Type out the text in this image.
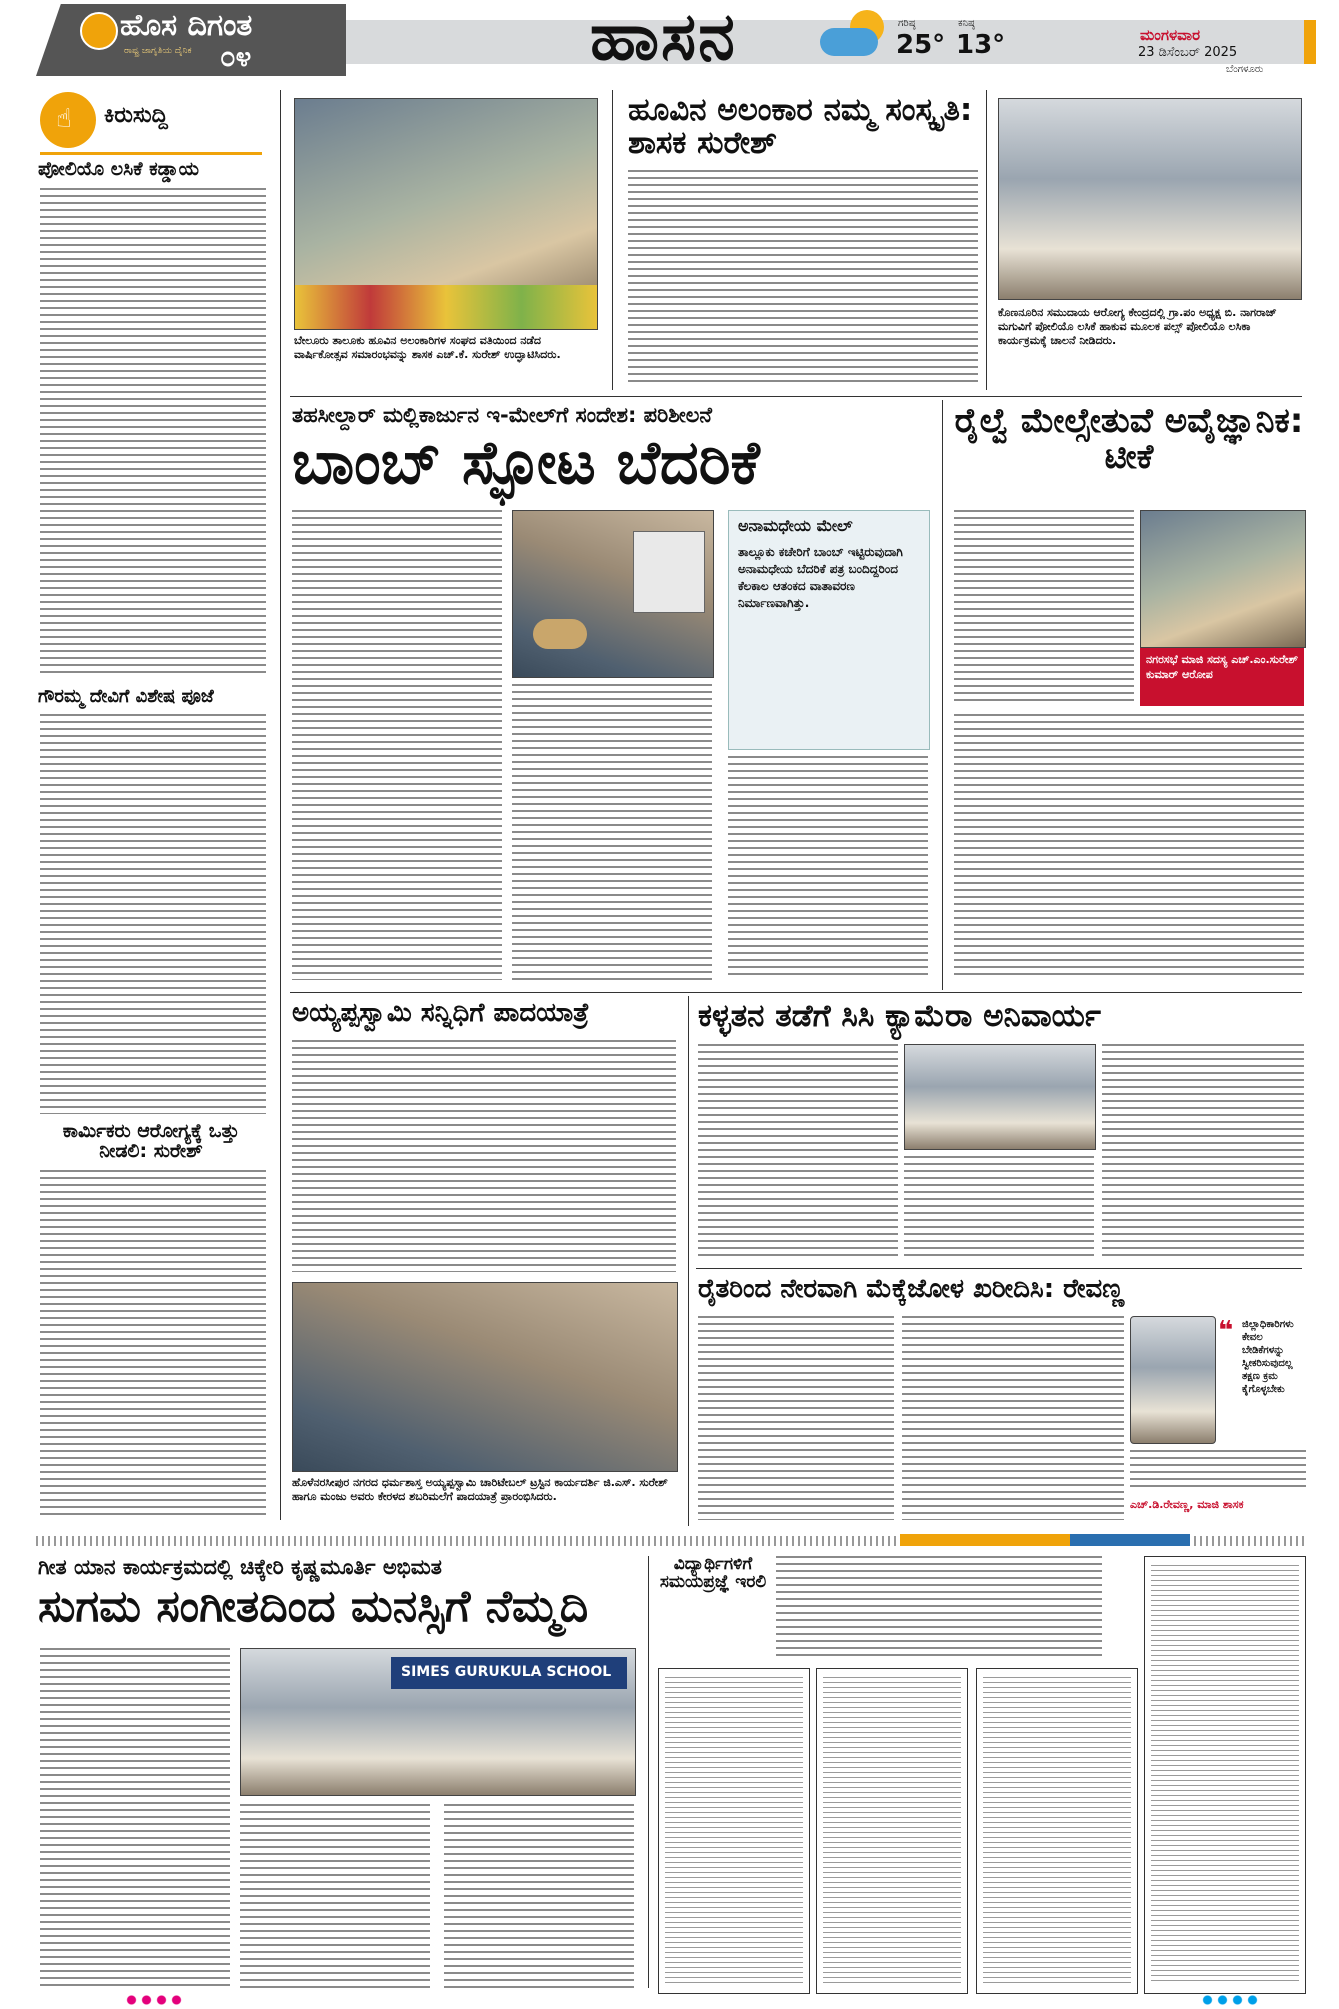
ಹೊಸ ದಿಗಂತ
ರಾಷ್ಟ್ರ ಜಾಗೃತಿಯ ದೈನಿಕ ೦೪	ಹಾಸನ	ಗರಿಷ್ಠ
25°
ಕನಿಷ್ಠ
13°	ಮಂಗಳವಾರ
23 ಡಿಸೆಂಬರ್ 2025
ಬೆಂಗಳೂರು
☝ ಕಿರುಸುದ್ದಿ
ಪೋಲಿಯೊ ಲಸಿಕೆ ಕಡ್ಡಾಯ
ಗೌರಮ್ಮ ದೇವಿಗೆ ವಿಶೇಷ ಪೂಜೆ
ಕಾರ್ಮಿಕರು ಆರೋಗ್ಯಕ್ಕೆ ಒತ್ತು ನೀಡಲಿ: ಸುರೇಶ್
ಬೇಲೂರು ತಾಲೂಕು ಹೂವಿನ ಅಲಂಕಾರಿಗಳ ಸಂಘದ ವತಿಯಿಂದ ನಡೆದ ವಾರ್ಷಿಕೋತ್ಸವ ಸಮಾರಂಭವನ್ನು ಶಾಸಕ ಎಚ್.ಕೆ. ಸುರೇಶ್ ಉದ್ಘಾಟಿಸಿದರು.
ಹೂವಿನ ಅಲಂಕಾರ ನಮ್ಮ ಸಂಸ್ಕೃತಿ: ಶಾಸಕ ಸುರೇಶ್
ಕೊಣನೂರಿನ ಸಮುದಾಯ ಆರೋಗ್ಯ ಕೇಂದ್ರದಲ್ಲಿ ಗ್ರಾ.ಪಂ ಅಧ್ಯಕ್ಷ ಬಿ. ನಾಗರಾಜ್ ಮಗುವಿಗೆ ಪೋಲಿಯೊ ಲಸಿಕೆ ಹಾಕುವ ಮೂಲಕ ಪಲ್ಸ್ ಪೋಲಿಯೊ ಲಸಿಕಾ ಕಾರ್ಯಕ್ರಮಕ್ಕೆ ಚಾಲನೆ ನೀಡಿದರು.
ತಹಸೀಲ್ದಾರ್ ಮಲ್ಲಿಕಾರ್ಜುನ ಇ-ಮೇಲ್‌ಗೆ ಸಂದೇಶ: ಪರಿಶೀಲನೆ
ಬಾಂಬ್ ಸ್ಫೋಟ ಬೆದರಿಕೆ
ಅನಾಮಧೇಯ ಮೇಲ್
ತಾಲ್ಲೂಕು ಕಚೇರಿಗೆ ಬಾಂಬ್ ಇಟ್ಟಿರುವುದಾಗಿ ಅನಾಮಧೇಯ ಬೆದರಿಕೆ ಪತ್ರ ಬಂದಿದ್ದರಿಂದ ಕೆಲಕಾಲ ಆತಂಕದ ವಾತಾವರಣ ನಿರ್ಮಾಣವಾಗಿತ್ತು.
ರೈಲ್ವೆ ಮೇಲ್ಸೇತುವೆ ಅವೈಜ್ಞಾನಿಕ: ಟೀಕೆ
ನಗರಸಭೆ ಮಾಜಿ ಸದಸ್ಯ ಎಚ್.ಎಂ.ಸುರೇಶ್ ಕುಮಾರ್ ಆರೋಪ
ಅಯ್ಯಪ್ಪಸ್ವಾಮಿ ಸನ್ನಿಧಿಗೆ ಪಾದಯಾತ್ರೆ
ಹೊಳೆನರಸೀಪುರ ನಗರದ ಧರ್ಮಶಾಸ್ತ ಅಯ್ಯಪ್ಪಸ್ವಾಮಿ ಚಾರಿಟೇಬಲ್ ಟ್ರಸ್ಟಿನ ಕಾರ್ಯದರ್ಶಿ ಜಿ.ಎಸ್. ಸುರೇಶ್ ಹಾಗೂ ಮಂಜು ಅವರು ಕೇರಳದ ಶಬರಿಮಲೆಗೆ ಪಾದಯಾತ್ರೆ ಪ್ರಾರಂಭಿಸಿದರು.
ಕಳ್ಳತನ ತಡೆಗೆ ಸಿಸಿ ಕ್ಯಾಮೆರಾ ಅನಿವಾರ್ಯ
ರೈತರಿಂದ ನೇರವಾಗಿ ಮೆಕ್ಕೆಜೋಳ ಖರೀದಿಸಿ: ರೇವಣ್ಣ
❝ ಜಿಲ್ಲಾಧಿಕಾರಿಗಳು ಕೇವಲ ಬೇಡಿಕೆಗಳನ್ನು ಸ್ವೀಕರಿಸುವುದಲ್ಲ ತಕ್ಷಣ ಕ್ರಮ ಕೈಗೊಳ್ಳಬೇಕು
ಎಚ್.ಡಿ.ರೇವಣ್ಣ, ಮಾಜಿ ಶಾಸಕ
ಗೀತ ಯಾನ ಕಾರ್ಯಕ್ರಮದಲ್ಲಿ ಚಿಕ್ಕೇರಿ ಕೃಷ್ಣಮೂರ್ತಿ ಅಭಿಮತ
ಸುಗಮ ಸಂಗೀತದಿಂದ ಮನಸ್ಸಿಗೆ ನೆಮ್ಮದಿ
SIMES GURUKULA SCHOOL
ವಿದ್ಯಾರ್ಥಿಗಳಿಗೆ ಸಮಯಪ್ರಜ್ಞೆ ಇರಲಿ
